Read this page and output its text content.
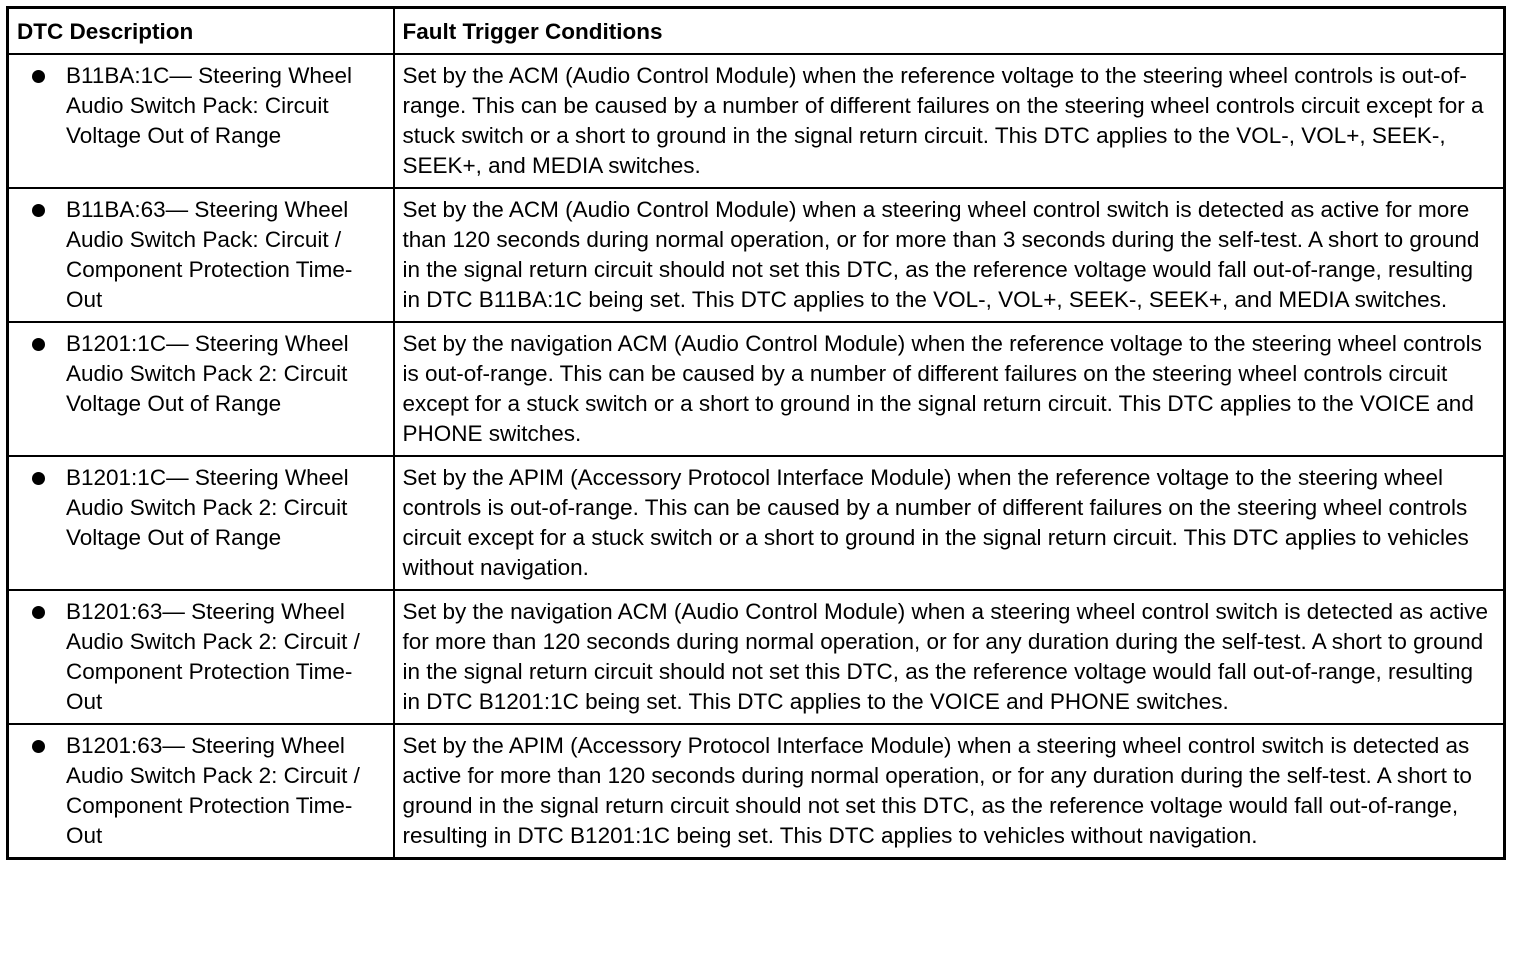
DTC Description	Fault Trigger Conditions

B11BA:1C— Steering Wheel Audio Switch Pack: Circuit Voltage Out of Range	Set by the ACM (Audio Control Module) when the reference voltage to the steering wheel controls is out-of-range. This can be caused by a number of different failures on the steering wheel controls circuit except for a stuck switch or a short to ground in the signal return circuit. This DTC applies to the VOL-, VOL+, SEEK-, SEEK+, and MEDIA switches.

B11BA:63— Steering Wheel Audio Switch Pack: Circuit / Component Protection Time-Out	Set by the ACM (Audio Control Module) when a steering wheel control switch is detected as active for more than 120 seconds during normal operation, or for more than 3 seconds during the self-test. A short to ground in the signal return circuit should not set this DTC, as the reference voltage would fall out-of-range, resulting in DTC B11BA:1C being set. This DTC applies to the VOL-, VOL+, SEEK-, SEEK+, and MEDIA switches.

B1201:1C— Steering Wheel Audio Switch Pack 2: Circuit Voltage Out of Range	Set by the navigation ACM (Audio Control Module) when the reference voltage to the steering wheel controls is out-of-range. This can be caused by a number of different failures on the steering wheel controls circuit except for a stuck switch or a short to ground in the signal return circuit. This DTC applies to the VOICE and PHONE switches.

B1201:1C— Steering Wheel Audio Switch Pack 2: Circuit Voltage Out of Range	Set by the APIM (Accessory Protocol Interface Module) when the reference voltage to the steering wheel controls is out-of-range. This can be caused by a number of different failures on the steering wheel controls circuit except for a stuck switch or a short to ground in the signal return circuit. This DTC applies to vehicles without navigation.

B1201:63— Steering Wheel Audio Switch Pack 2: Circuit / Component Protection Time-Out	Set by the navigation ACM (Audio Control Module) when a steering wheel control switch is detected as active for more than 120 seconds during normal operation, or for any duration during the self-test. A short to ground in the signal return circuit should not set this DTC, as the reference voltage would fall out-of-range, resulting in DTC B1201:1C being set. This DTC applies to the VOICE and PHONE switches.

B1201:63— Steering Wheel Audio Switch Pack 2: Circuit / Component Protection Time-Out	Set by the APIM (Accessory Protocol Interface Module) when a steering wheel control switch is detected as active for more than 120 seconds during normal operation, or for any duration during the self-test. A short to ground in the signal return circuit should not set this DTC, as the reference voltage would fall out-of-range, resulting in DTC B1201:1C being set. This DTC applies to vehicles without navigation.
